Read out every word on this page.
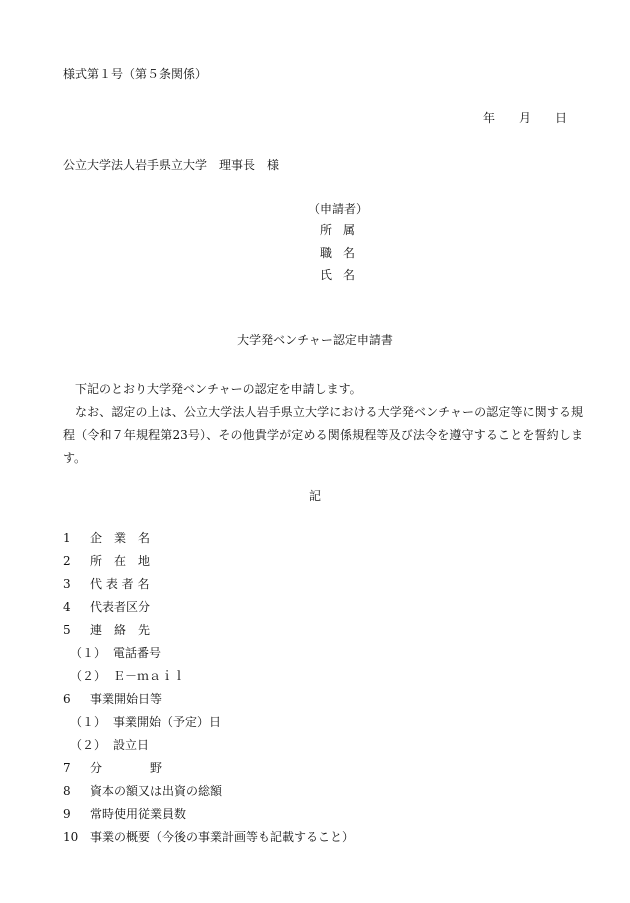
様式第１号（第５条関係）
年 月 日
公立大学法人岩手県立大学　理事長　様
（申請者）
所 属
職 名
氏 名
大学発ベンチャー認定申請書

下記のとおり大学発ベンチャーの認定を申請します。

なお、認定の上は、公立大学法人岩手県立大学における大学発ベンチャーの認定等に関する規程（令和７年規程第23号）、その他貴学が定める関係規程等及び法令を遵守することを誓約します。

記
1 企 業 名
2 所 在 地
3 代 表 者 名
4 代表者区分
5 連 絡 先
（１） 電話番号
（２） Ｅ－ｍａｉｌ
6 事業開始日等
（１） 事業開始（予定）日
（２） 設立日
7 分	野
8 資本の額又は出資の総額
9 常時使用従業員数
10 事業の概要（今後の事業計画等も記載すること）
